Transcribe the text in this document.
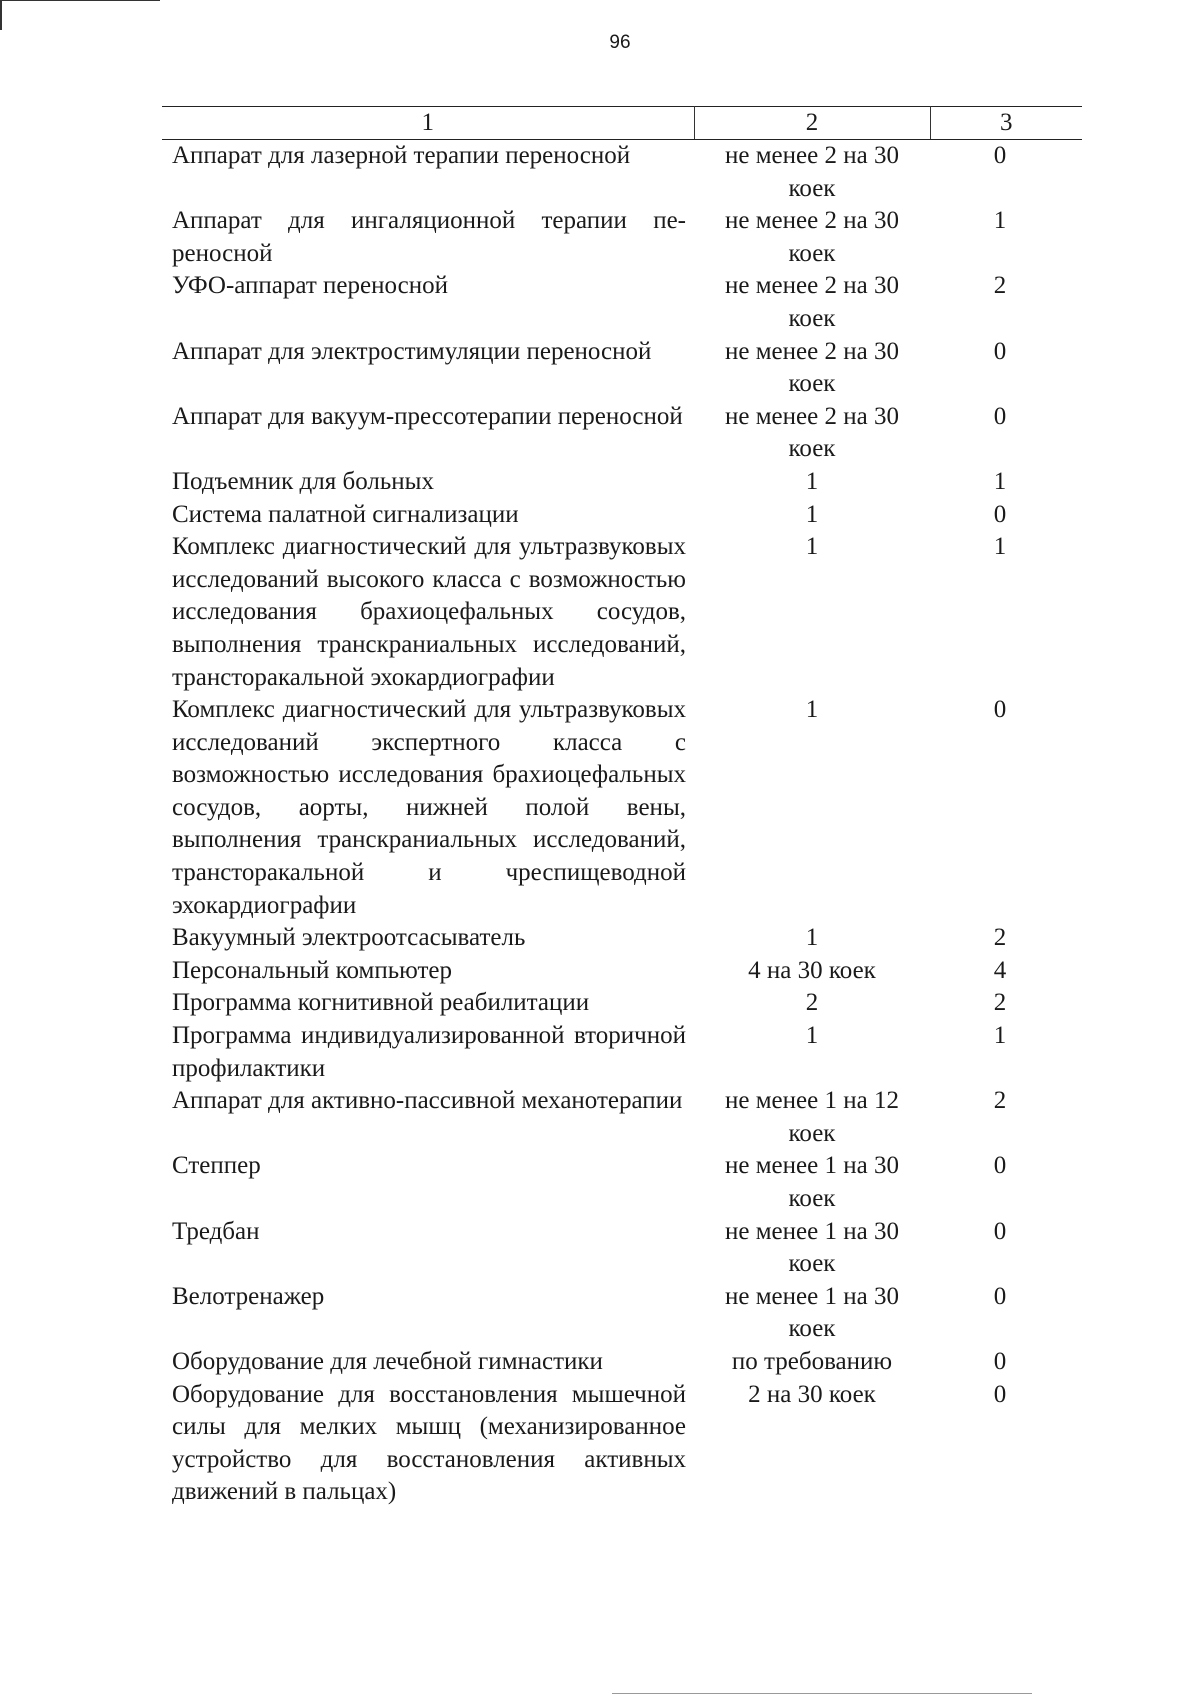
96
1	2	3
Аппарат для лазерной терапии переносной	не менее 2 на 30 коек	0
Аппарат для ингаляционной терапии переносной	не менее 2 на 30 коек	1
УФО-аппарат переносной	не менее 2 на 30 коек	2
Аппарат для электростимуляции переносной	не менее 2 на 30 коек	0
Аппарат для вакуум-прессотерапии переносной	не менее 2 на 30 коек	0
Подъемник для больных	1	1
Система палатной сигнализации	1	0
Комплекс диагностический для ультразвуковых исследований высокого класса с возможностью исследования брахиоцефальных сосудов, выполнения транскраниальных исследований, трансторакальной эхокардиографии	1	1
Комплекс диагностический для ультразвуковых исследований экспертного класса с возможностью исследования брахиоцефальных сосудов, аорты, нижней полой вены, выполнения транскраниальных исследований, трансторакальной и чреспищеводной эхокардиографии	1	0
Вакуумный электроотсасыватель	1	2
Персональный компьютер	4 на 30 коек	4
Программа когнитивной реабилитации	2	2
Программа индивидуализированной вторичной профилактики	1	1
Аппарат для активно-пассивной механотерапии	не менее 1 на 12 коек	2
Степпер	не менее 1 на 30 коек	0
Тредбан	не менее 1 на 30 коек	0
Велотренажер	не менее 1 на 30 коек	0
Оборудование для лечебной гимнастики	по требованию	0
Оборудование для восстановления мышечной силы для мелких мышц (механизированное устройство для восстановления активных движений в пальцах)	2 на 30 коек	0
